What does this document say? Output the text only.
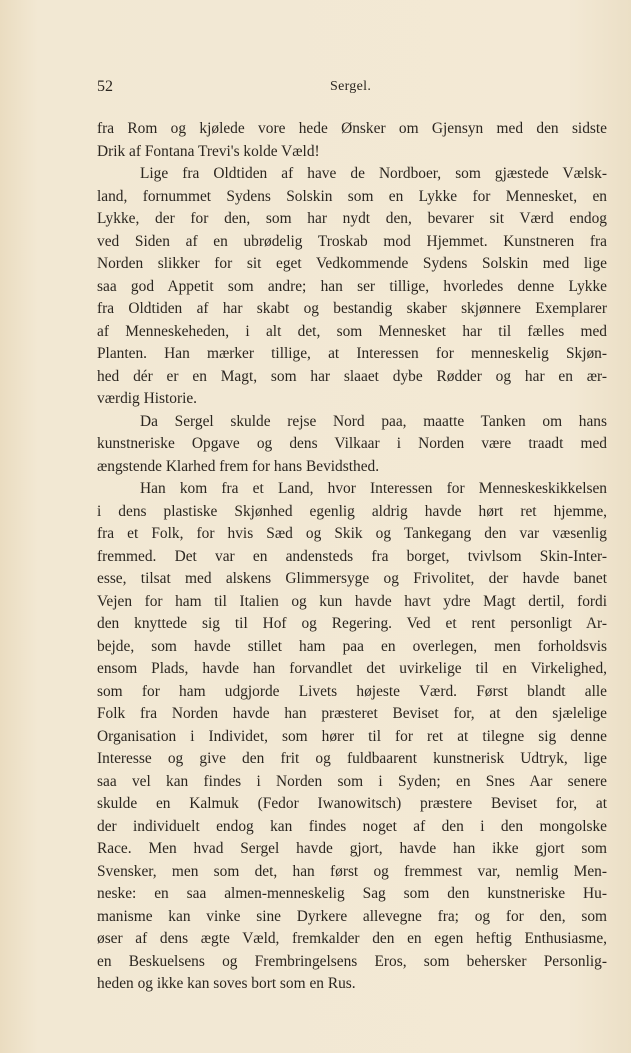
52	Sergel.
fra Rom og kjølede vore hede Ønsker om Gjensyn med den sidste
Drik af Fontana Trevi's kolde Væld!
Lige fra Oldtiden af have de Nordboer, som gjæstede Vælsk-
land, fornummet Sydens Solskin som en Lykke for Mennesket, en
Lykke, der for den, som har nydt den, bevarer sit Værd endog
ved Siden af en ubrødelig Troskab mod Hjemmet. Kunstneren fra
Norden slikker for sit eget Vedkommende Sydens Solskin med lige
saa god Appetit som andre; han ser tillige, hvorledes denne Lykke
fra Oldtiden af har skabt og bestandig skaber skjønnere Exemplarer
af Menneskeheden, i alt det, som Mennesket har til fælles med
Planten. Han mærker tillige, at Interessen for menneskelig Skjøn-
hed dér er en Magt, som har slaaet dybe Rødder og har en ær-
værdig Historie.
Da Sergel skulde rejse Nord paa, maatte Tanken om hans
kunstneriske Opgave og dens Vilkaar i Norden være traadt med
ængstende Klarhed frem for hans Bevidsthed.
Han kom fra et Land, hvor Interessen for Menneskeskikkelsen
i dens plastiske Skjønhed egenlig aldrig havde hørt ret hjemme,
fra et Folk, for hvis Sæd og Skik og Tankegang den var væsenlig
fremmed. Det var en andensteds fra borget, tvivlsom Skin-Inter-
esse, tilsat med alskens Glimmersyge og Frivolitet, der havde banet
Vejen for ham til Italien og kun havde havt ydre Magt dertil, fordi
den knyttede sig til Hof og Regering. Ved et rent personligt Ar-
bejde, som havde stillet ham paa en overlegen, men forholdsvis
ensom Plads, havde han forvandlet det uvirkelige til en Virkelighed,
som for ham udgjorde Livets højeste Værd. Først blandt alle
Folk fra Norden havde han præsteret Beviset for, at den sjælelige
Organisation i Individet, som hører til for ret at tilegne sig denne
Interesse og give den frit og fuldbaarent kunstnerisk Udtryk, lige
saa vel kan findes i Norden som i Syden; en Snes Aar senere
skulde en Kalmuk (Fedor Iwanowitsch) præstere Beviset for, at
der individuelt endog kan findes noget af den i den mongolske
Race. Men hvad Sergel havde gjort, havde han ikke gjort som
Svensker, men som det, han først og fremmest var, nemlig Men-
neske: en saa almen-menneskelig Sag som den kunstneriske Hu-
manisme kan vinke sine Dyrkere allevegne fra; og for den, som
øser af dens ægte Væld, fremkalder den en egen heftig Enthusiasme,
en Beskuelsens og Frembringelsens Eros, som behersker Personlig-
heden og ikke kan soves bort som en Rus.
